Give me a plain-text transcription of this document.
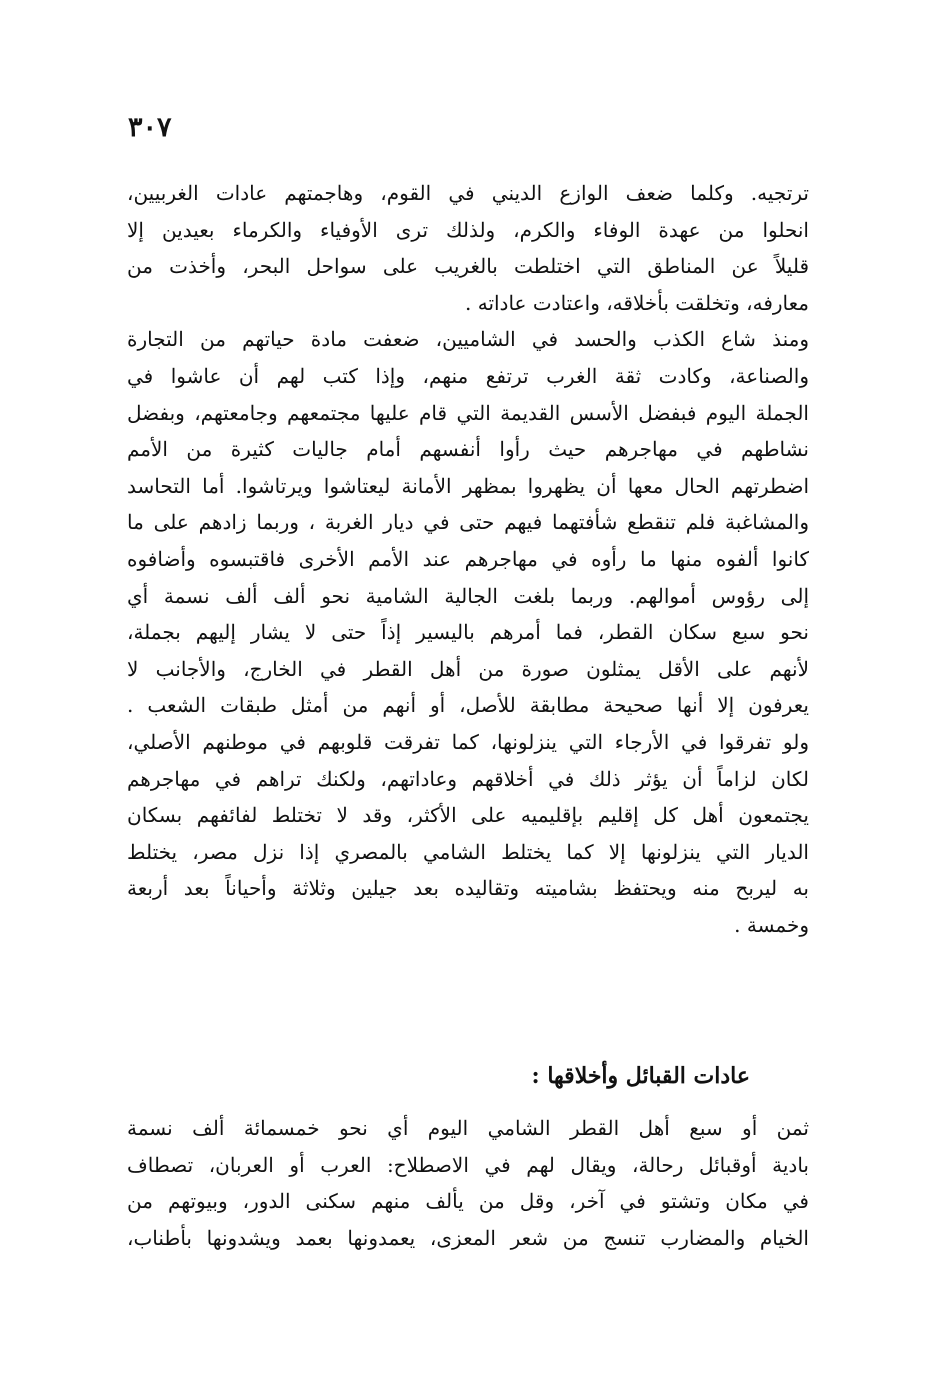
٣٠٧
ترتجيه. وكلما ضعف الوازع الديني في القوم، وهاجمتهم عادات الغربيين،
انحلوا من عهدة الوفاء والكرم، ولذلك ترى الأوفياء والكرماء بعيدين إلا
قليلاً عن المناطق التي اختلطت بالغريب على سواحل البحر، وأخذت من
معارفه، وتخلقت بأخلاقه، واعتادت عاداته .
ومنذ شاع الكذب والحسد في الشاميين، ضعفت مادة حياتهم من التجارة
والصناعة، وكادت ثقة الغرب ترتفع منهم، وإذا كتب لهم أن عاشوا في
الجملة اليوم فبفضل الأسس القديمة التي قام عليها مجتمعهم وجامعتهم، وبفضل
نشاطهم في مهاجرهم حيث رأوا أنفسهم أمام جاليات كثيرة من الأمم
اضطرتهم الحال معها أن يظهروا بمظهر الأمانة ليعتاشوا ويرتاشوا. أما التحاسد
والمشاغبة فلم تنقطع شأفتهما فيهم حتى في ديار الغربة ، وربما زادهم على ما
كانوا ألفوه منها ما رأوه في مهاجرهم عند الأمم الأخرى فاقتبسوه وأضافوه
إلى رؤوس أموالهم. وربما بلغت الجالية الشامية نحو ألف ألف نسمة أي
نحو سبع سكان القطر، فما أمرهم باليسير إذاً حتى لا يشار إليهم بجملة،
لأنهم على الأقل يمثلون صورة من أهل القطر في الخارج، والأجانب لا
يعرفون إلا أنها صحيحة مطابقة للأصل، أو أنهم من أمثل طبقات الشعب .
ولو تفرقوا في الأرجاء التي ينزلونها، كما تفرقت قلوبهم في موطنهم الأصلي،
لكان لزاماً أن يؤثر ذلك في أخلاقهم وعاداتهم، ولكنك تراهم في مهاجرهم
يجتمعون أهل كل إقليم بإقليميه على الأكثر، وقد لا تختلط لفائفهم بسكان
الديار التي ينزلونها إلا كما يختلط الشامي بالمصري إذا نزل مصر، يختلط
به ليربح منه ويحتفظ بشاميته وتقاليده بعد جيلين وثلاثة وأحياناً بعد أربعة
وخمسة .
عادات القبائل وأخلاقها :
ثمن أو سبع أهل القطر الشامي اليوم أي نحو خمسمائة ألف نسمة
بادية أوقبائل رحالة، ويقال لهم في الاصطلاح: العرب أو العربان، تصطاف
في مكان وتشتو في آخر، وقل من يألف منهم سكنى الدور، وبيوتهم من
الخيام والمضارب تنسج من شعر المعزى، يعمدونها بعمد ويشدونها بأطناب،
